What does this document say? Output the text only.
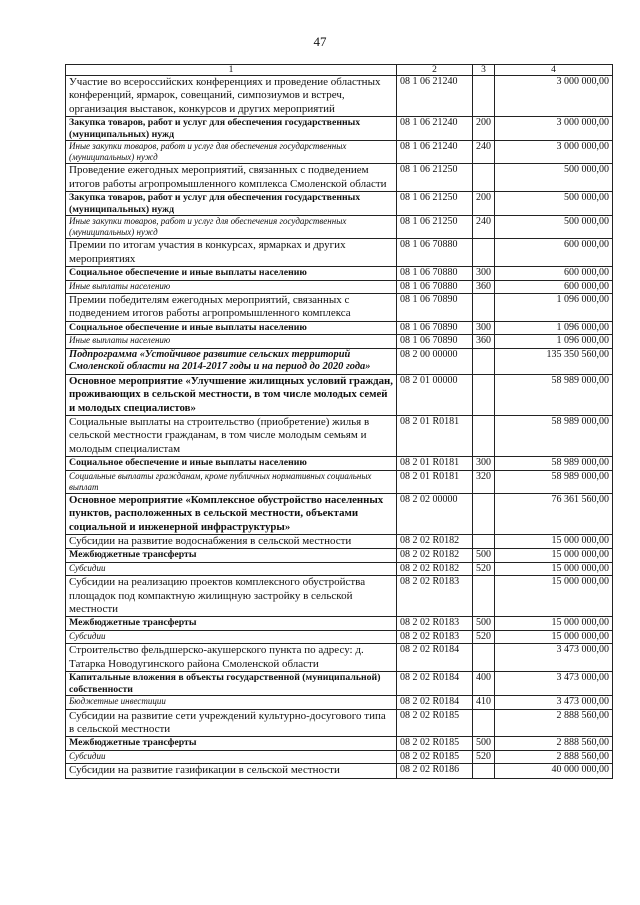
47
1	2	3	4
Участие во всероссийских конференциях и проведение областных конференций, ярмарок, совещаний, симпозиумов и встреч, организация выставок, конкурсов и других мероприятий	08 1 06 21240		3 000 000,00
Закупка товаров, работ и услуг для обеспечения государственных (муниципальных) нужд	08 1 06 21240	200	3 000 000,00
Иные закупки товаров, работ и услуг для обеспечения государственных (муниципальных) нужд	08 1 06 21240	240	3 000 000,00
Проведение ежегодных мероприятий, связанных с подведением итогов работы агропромышленного комплекса Смоленской области	08 1 06 21250		500 000,00
Закупка товаров, работ и услуг для обеспечения государственных (муниципальных) нужд	08 1 06 21250	200	500 000,00
Иные закупки товаров, работ и услуг для обеспечения государственных (муниципальных) нужд	08 1 06 21250	240	500 000,00
Премии по итогам участия в конкурсах, ярмарках и других мероприятиях	08 1 06 70880		600 000,00
Социальное обеспечение и иные выплаты населению	08 1 06 70880	300	600 000,00
Иные выплаты населению	08 1 06 70880	360	600 000,00
Премии победителям ежегодных мероприятий, связанных с подведением итогов работы агропромышленного комплекса	08 1 06 70890		1 096 000,00
Социальное обеспечение и иные выплаты населению	08 1 06 70890	300	1 096 000,00
Иные выплаты населению	08 1 06 70890	360	1 096 000,00
Подпрограмма «Устойчивое развитие сельских территорий Смоленской области на 2014-2017 годы и на период до 2020 года»	08 2 00 00000		135 350 560,00
Основное мероприятие «Улучшение жилищных условий граждан, проживающих в сельской местности, в том числе молодых семей и молодых специалистов»	08 2 01 00000		58 989 000,00
Социальные выплаты на строительство (приобретение) жилья в сельской местности гражданам, в том числе молодым семьям и молодым специалистам	08 2 01 R0181		58 989 000,00
Социальное обеспечение и иные выплаты населению	08 2 01 R0181	300	58 989 000,00
Социальные выплаты гражданам, кроме публичных нормативных социальных выплат	08 2 01 R0181	320	58 989 000,00
Основное мероприятие «Комплексное обустройство населенных пунктов, расположенных в сельской местности, объектами социальной и инженерной инфраструктуры»	08 2 02 00000		76 361 560,00
Субсидии на развитие водоснабжения в сельской местности	08 2 02 R0182		15 000 000,00
Межбюджетные трансферты	08 2 02 R0182	500	15 000 000,00
Субсидии	08 2 02 R0182	520	15 000 000,00
Субсидии на реализацию проектов комплексного обустройства площадок под компактную жилищную застройку в сельской местности	08 2 02 R0183		15 000 000,00
Межбюджетные трансферты	08 2 02 R0183	500	15 000 000,00
Субсидии	08 2 02 R0183	520	15 000 000,00
Строительство фельдшерско-акушерского пункта по адресу: д. Татарка Новодугинского района Смоленской области	08 2 02 R0184		3 473 000,00
Капитальные вложения в объекты государственной (муниципальной) собственности	08 2 02 R0184	400	3 473 000,00
Бюджетные инвестиции	08 2 02 R0184	410	3 473 000,00
Субсидии на развитие сети учреждений культурно-досугового типа в сельской местности	08 2 02 R0185		2 888 560,00
Межбюджетные трансферты	08 2 02 R0185	500	2 888 560,00
Субсидии	08 2 02 R0185	520	2 888 560,00
Субсидии на развитие газификации в сельской местности	08 2 02 R0186		40 000 000,00
